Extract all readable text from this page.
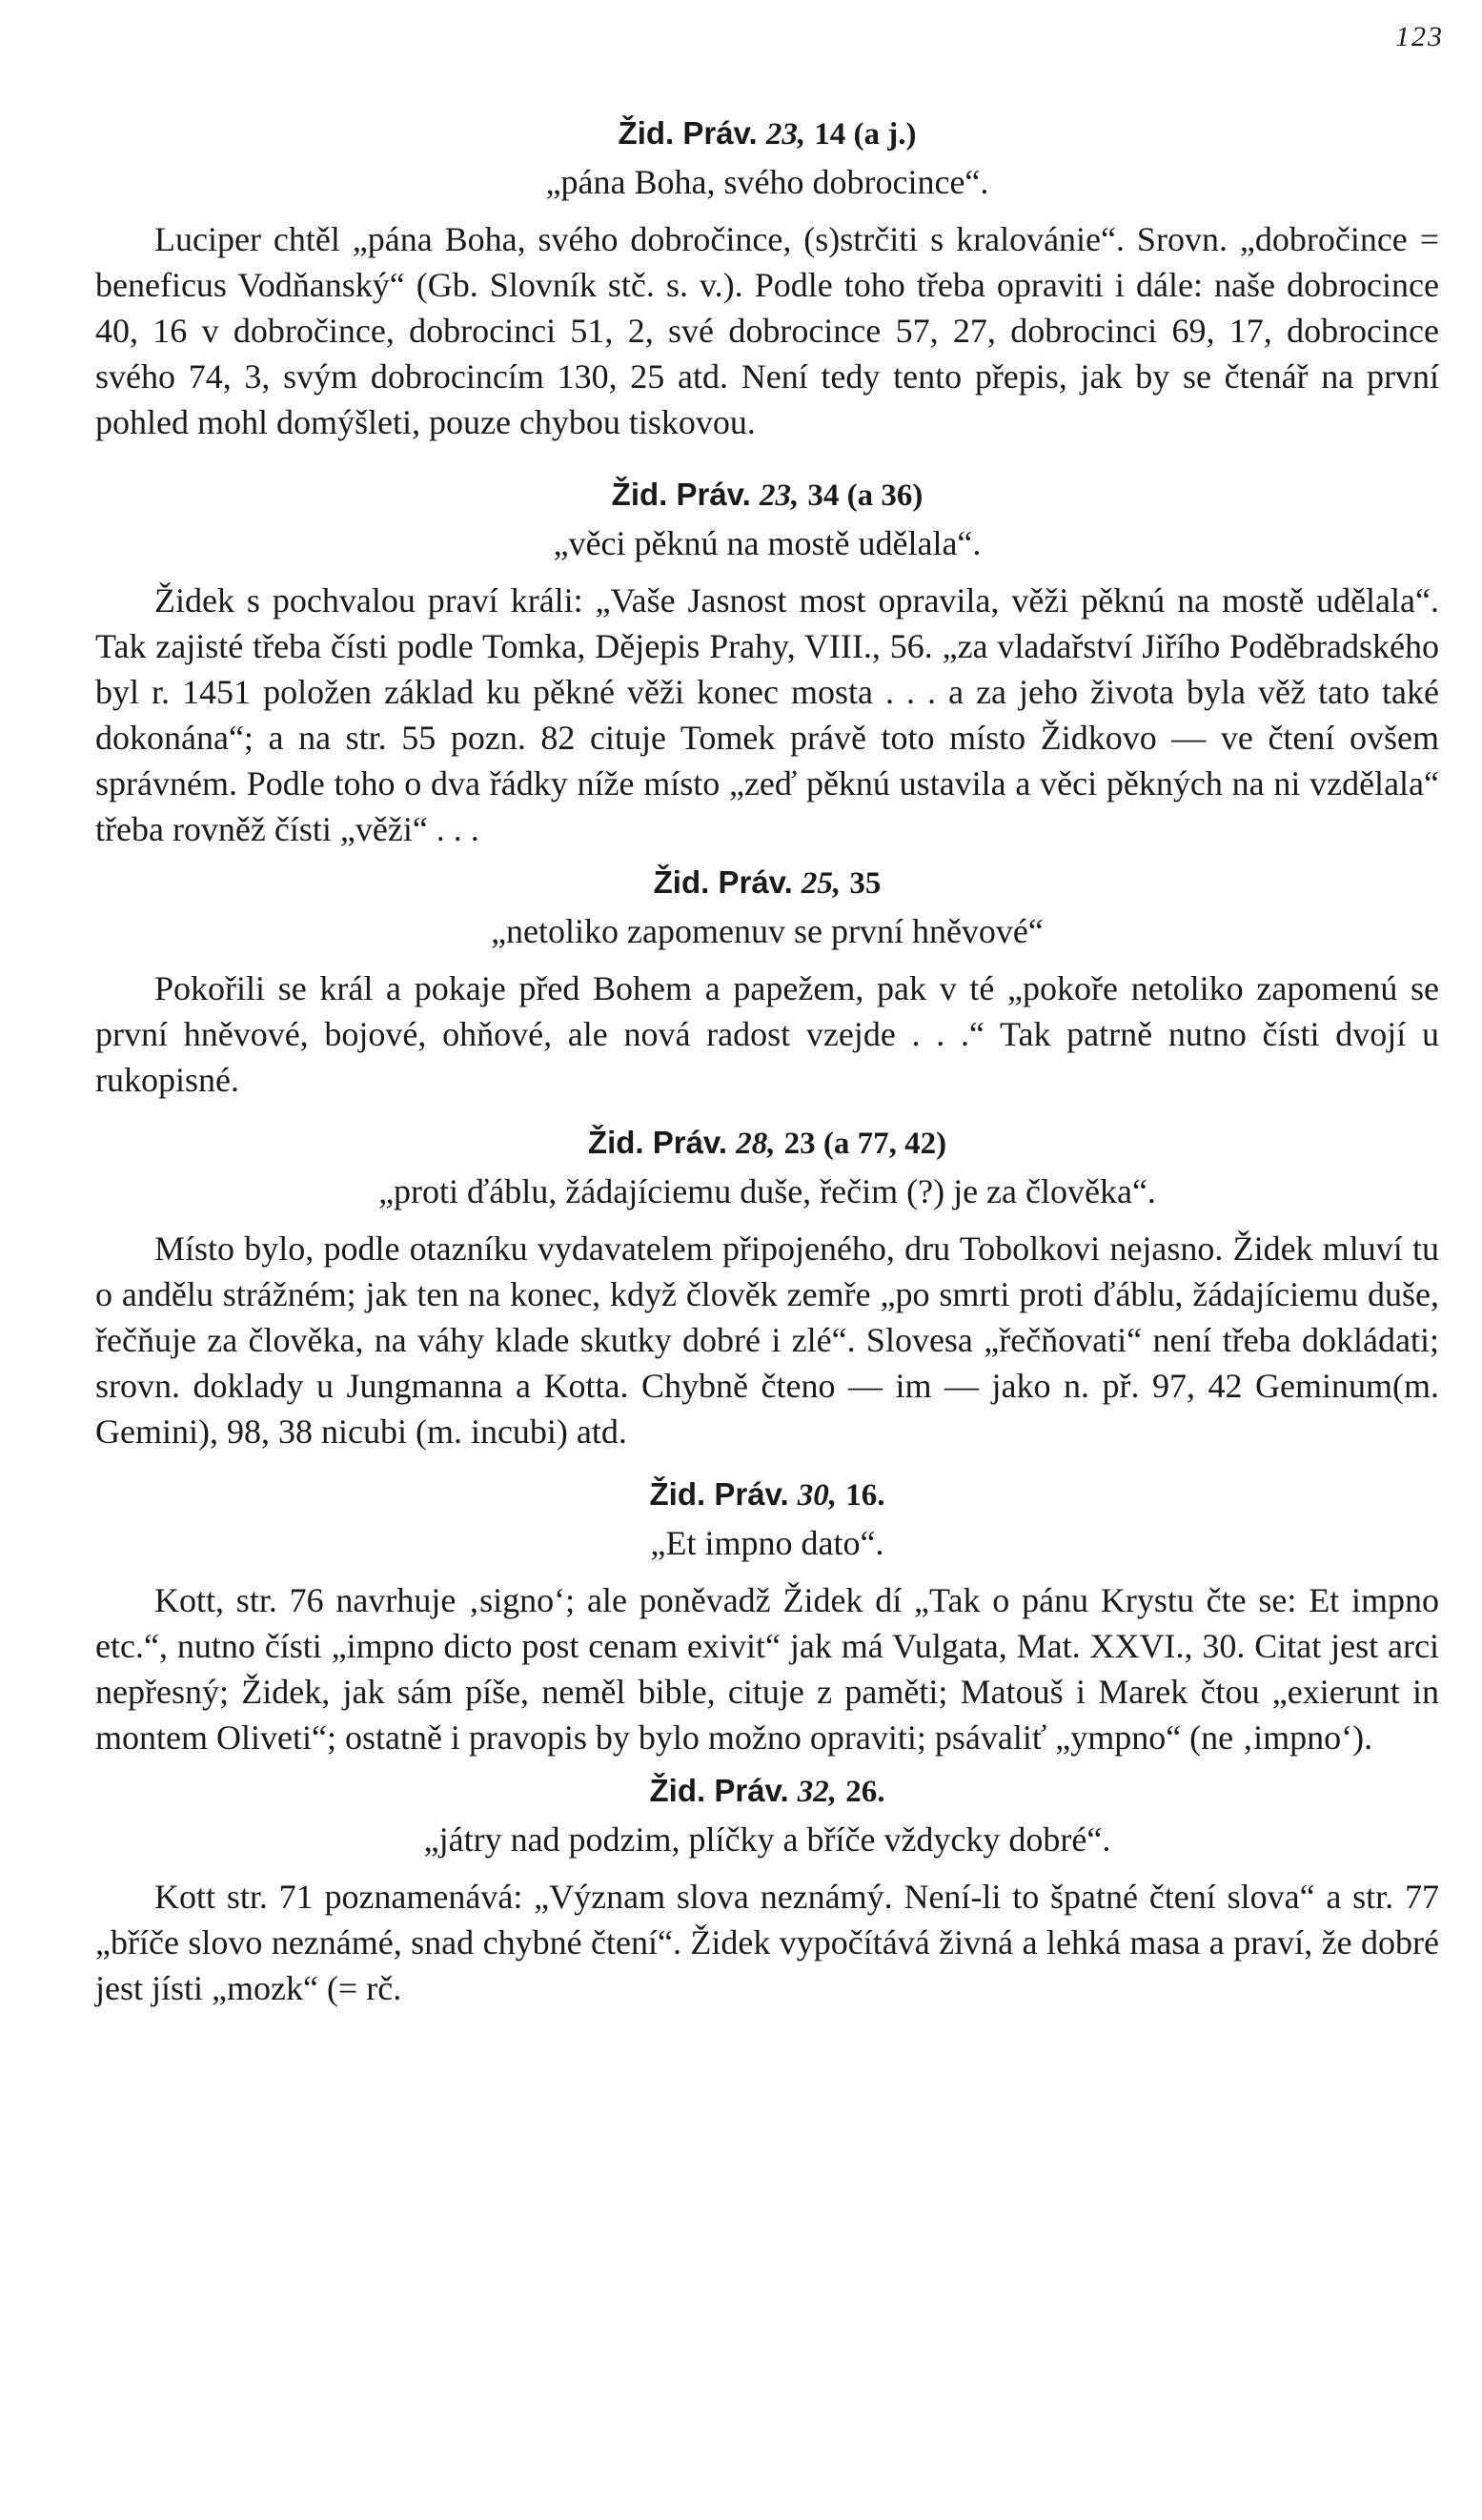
123
Žid. Práv. 23, 14 (a j.)

„pána Boha, svého dobrocince“.

Luciper chtěl „pána Boha, svého dobročince, (s)strčiti s kralovánie“. Srovn. „dobročince = beneficus Vodňanský“ (Gb. Slovník stč. s. v.). Podle toho třeba opraviti i dále: naše dobrocince 40, 16 v dobročince, dobrocinci 51, 2, své dobrocince 57, 27, dobrocinci 69, 17, dobrocince svého 74, 3, svým dobrocincím 130, 25 atd. Není tedy tento přepis, jak by se čtenář na první pohled mohl domýšleti, pouze chybou tiskovou.

Žid. Práv. 23, 34 (a 36)

„věci pěknú na mostě udělala“.

Židek s pochvalou praví králi: „Vaše Jasnost most opravila, věži pěknú na mostě udělala“. Tak zajisté třeba čísti podle Tomka, Dějepis Prahy, VIII., 56. „za vladařství Jiřího Poděbradského byl r. 1451 položen základ ku pěkné věži konec mosta . . . a za jeho života byla věž tato také dokonána“; a na str. 55 pozn. 82 cituje Tomek právě toto místo Židkovo — ve čtení ovšem správném. Podle toho o dva řádky níže místo „zeď pěknú ustavila a věci pěkných na ni vzdělala“ třeba rovněž čísti „věži“ . . .

Žid. Práv. 25, 35

„netoliko zapomenuv se první hněvové“

Pokořili se král a pokaje před Bohem a papežem, pak v té „pokoře netoliko zapomenú se první hněvové, bojové, ohňové, ale nová radost vzejde . . .“ Tak patrně nutno čísti dvojí u rukopisné.

Žid. Práv. 28, 23 (a 77, 42)

„proti ďáblu, žádajíciemu duše, řečim (?) je za člověka“.

Místo bylo, podle otazníku vydavatelem připojeného, dru Tobolkovi nejasno. Židek mluví tu o andělu strážném; jak ten na konec, když člověk zemře „po smrti proti ďáblu, žádajíciemu duše, řečňuje za člověka, na váhy klade skutky dobré i zlé“. Slovesa „řečňovati“ není třeba dokládati; srovn. doklady u Jungmanna a Kotta. Chybně čteno — im — jako n. př. 97, 42 Geminum(m. Gemini), 98, 38 nicubi (m. incubi) atd.

Žid. Práv. 30, 16.

„Et impno dato“.

Kott, str. 76 navrhuje ‚signo‘; ale poněvadž Židek dí „Tak o pánu Krystu čte se: Et impno etc.“, nutno čísti „impno dicto post cenam exivit“ jak má Vulgata, Mat. XXVI., 30. Citat jest arci nepřesný; Židek, jak sám píše, neměl bible, cituje z paměti; Matouš i Marek čtou „exierunt in montem Oliveti“; ostatně i pravopis by bylo možno opraviti; psávaliť „ympno“ (ne ‚impno‘).

Žid. Práv. 32, 26.

„játry nad podzim, plíčky a bříče vždycky dobré“.

Kott str. 71 poznamenává: „Význam slova neznámý. Není-li to špatné čtení slova“ a str. 77 „bříče slovo neznámé, snad chybné čtení“. Židek vypočítává živná a lehká masa a praví, že dobré jest jísti „mozk“ (= rč.
